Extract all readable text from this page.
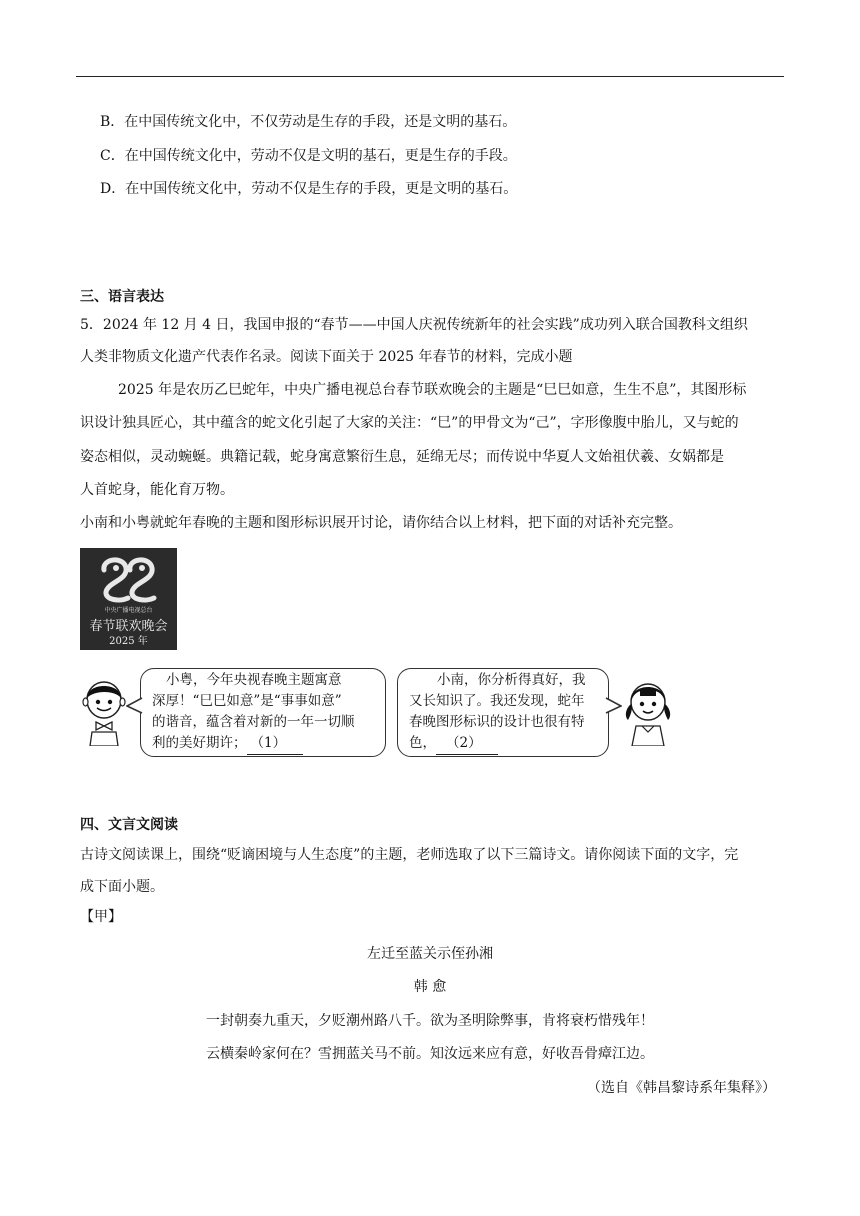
B．在中国传统文化中，不仅劳动是生存的手段，还是文明的基石。
C．在中国传统文化中，劳动不仅是文明的基石，更是生存的手段。
D．在中国传统文化中，劳动不仅是生存的手段，更是文明的基石。
三、语言表达
5．2024 年 12 月 4 日，我国申报的“春节——中国人庆祝传统新年的社会实践”成功列入联合国教科文组织
人类非物质文化遗产代表作名录。阅读下面关于 2025 年春节的材料，完成小题
2025 年是农历乙巳蛇年，中央广播电视总台春节联欢晚会的主题是“巳巳如意，生生不息”，其图形标
识设计独具匠心，其中蕴含的蛇文化引起了大家的关注：“巳”的甲骨文为“己”，字形像腹中胎儿，又与蛇的
姿态相似，灵动蜿蜒。典籍记载，蛇身寓意繁衍生息，延绵无尽；而传说中华夏人文始祖伏羲、女娲都是
人首蛇身，能化育万物。
小南和小粤就蛇年春晚的主题和图形标识展开讨论，请你结合以上材料，把下面的对话补充完整。
中央广播电视总台
春节联欢晚会
2025 年
小粤，今年央视春晚主题寓意
深厚！“巳巳如意”是“事事如意”
的谐音，蕴含着对新的一年一切顺
利的美好期许； （1）
小南，你分析得真好，我
又长知识了。我还发现，蛇年
春晚图形标识的设计也很有特
色， （2）
四、文言文阅读
古诗文阅读课上，围绕“贬谪困境与人生态度”的主题，老师选取了以下三篇诗文。请你阅读下面的文字，完
成下面小题。
【甲】
左迁至蓝关示侄孙湘
韩 愈
一封朝奏九重天，夕贬潮州路八千。欲为圣明除弊事，肯将衰朽惜残年！
云横秦岭家何在？雪拥蓝关马不前。知汝远来应有意，好收吾骨瘴江边。
（选自《韩昌黎诗系年集释》）
